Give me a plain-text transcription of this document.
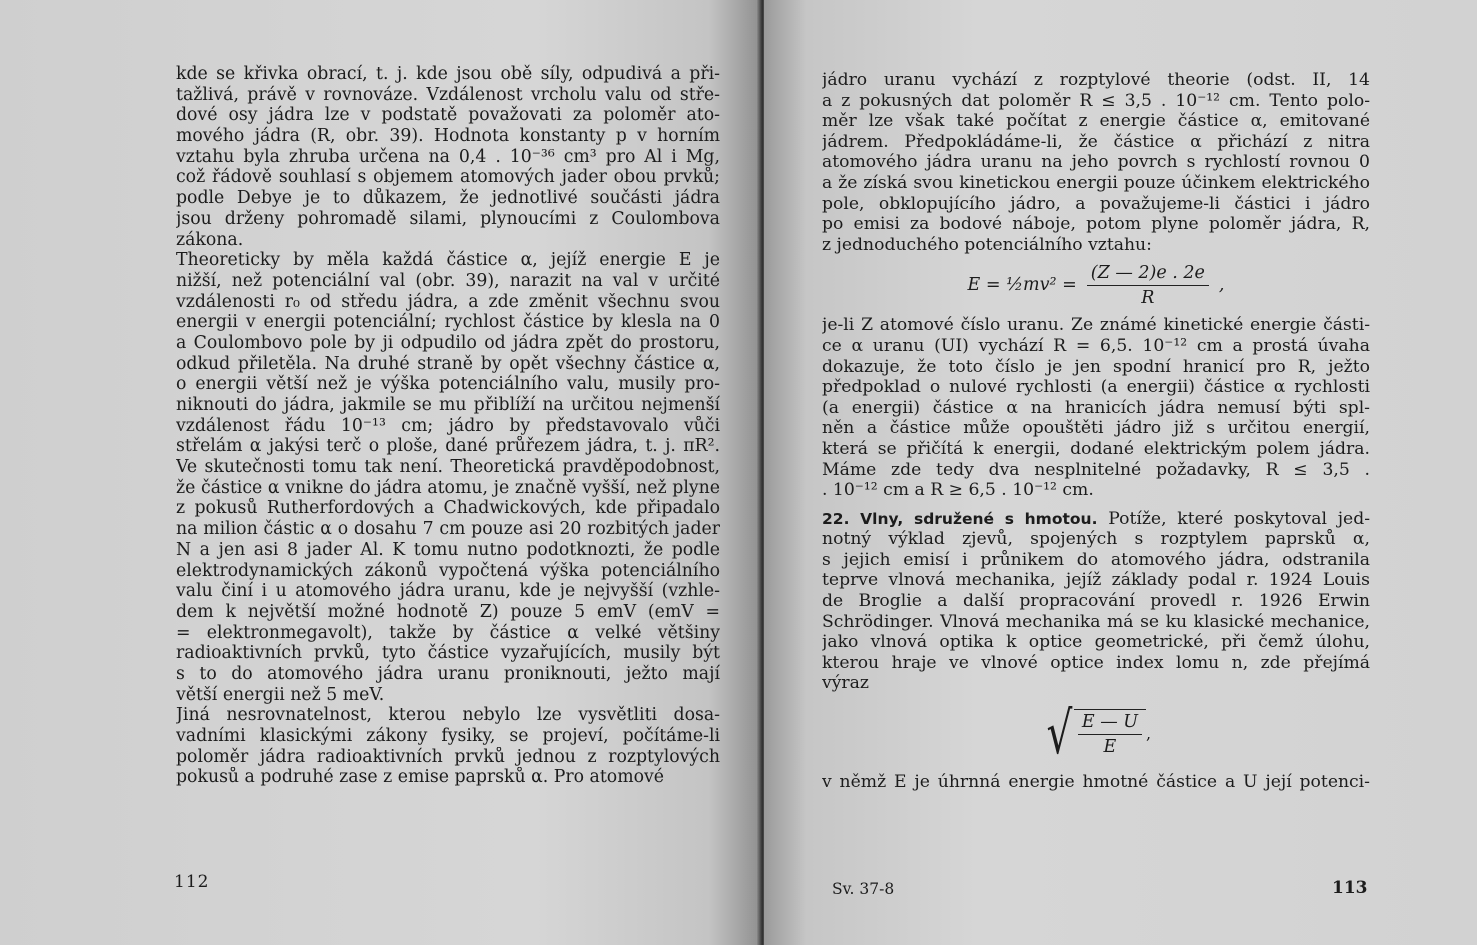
kde se křivka obrací, t. j. kde jsou obě síly, odpudivá a při-
tažlivá, právě v rovnováze. Vzdálenost vrcholu valu od stře-
dové osy jádra lze v podstatě považovati za poloměr ato-
mového jádra (R, obr. 39). Hodnota konstanty p v horním
vztahu byla zhruba určena na 0,4 . 10⁻³⁶ cm³ pro Al i Mg,
což řádově souhlasí s objemem atomových jader obou prvků;
podle Debye je to důkazem, že jednotlivé součásti jádra
jsou drženy pohromadě silami, plynoucími z Coulombova
zákona.
Theoreticky by měla každá částice α, jejíž energie E je
nižší, než potenciální val (obr. 39), narazit na val v určité
vzdálenosti r₀ od středu jádra, a zde změnit všechnu svou
energii v energii potenciální; rychlost částice by klesla na 0
a Coulombovo pole by ji odpudilo od jádra zpět do prostoru,
odkud přiletěla. Na druhé straně by opět všechny částice α,
o energii větší než je výška potenciálního valu, musily pro-
niknouti do jádra, jakmile se mu přiblíží na určitou nejmenší
vzdálenost řádu 10⁻¹³ cm; jádro by představovalo vůči
střelám α jakýsi terč o ploše, dané průřezem jádra, t. j. πR².
Ve skutečnosti tomu tak není. Theoretická pravděpodobnost,
že částice α vnikne do jádra atomu, je značně vyšší, než plyne
z pokusů Rutherfordových a Chadwickových, kde připadalo
na milion částic α o dosahu 7 cm pouze asi 20 rozbitých jader
N a jen asi 8 jader Al. K tomu nutno podotknozti, že podle
elektrodynamických zákonů vypočtená výška potenciálního
valu činí i u atomového jádra uranu, kde je nejvyšší (vzhle-
dem k největší možné hodnotě Z) pouze 5 emV (emV =
= elektronmegavolt), takže by částice α velké většiny
radioaktivních prvků, tyto částice vyzařujících, musily být
s to do atomového jádra uranu proniknouti, ježto mají
větší energii než 5 meV.
Jiná nesrovnatelnost, kterou nebylo lze vysvětliti dosa-
vadními klasickými zákony fysiky, se projeví, počítáme-li
poloměr jádra radioaktivních prvků jednou z rozptylových
pokusů a podruhé zase z emise paprsků α. Pro atomové
112
jádro uranu vychází z rozptylové theorie (odst. II, 14
a z pokusných dat poloměr R ≤ 3,5 . 10⁻¹² cm. Tento polo-
měr lze však také počítat z energie částice α, emitované
jádrem. Předpokládáme-li, že částice α přichází z nitra
atomového jádra uranu na jeho povrch s rychlostí rovnou 0
a že získá svou kinetickou energii pouze účinkem elektrického
pole, obklopujícího jádro, a považujeme-li částici i jádro
po emisi za bodové náboje, potom plyne poloměr jádra, R,
z jednoduchého potenciálního vztahu:
E = ½mv² = $\frac{(Z — 2)e . 2e}{R}$ ,
je-li Z atomové číslo uranu. Ze známé kinetické energie části-
ce α uranu (UI) vychází R = 6,5. 10⁻¹² cm a prostá úvaha
dokazuje, že toto číslo je jen spodní hranicí pro R, ježto
předpoklad o nulové rychlosti (a energii) částice α rychlosti
(a energii) částice α na hranicích jádra nemusí býti spl-
něn a částice může opouštěti jádro již s určitou energií,
která se přičítá k energii, dodané elektrickým polem jádra.
Máme zde tedy dva nesplnitelné požadavky, R ≤ 3,5 .
. 10⁻¹² cm a R ≥ 6,5 . 10⁻¹² cm.
22. Vlny, sdružené s hmotou. Potíže, které poskytoval jed-
notný výklad zjevů, spojených s rozptylem paprsků α,
s jejich emisí i průnikem do atomového jádra, odstranila
teprve vlnová mechanika, jejíž základy podal r. 1924 Louis
de Broglie a další propracování provedl r. 1926 Erwin
Schrödinger. Vlnová mechanika má se ku klasické mechanice,
jako vlnová optika k optice geometrické, při čemž úlohu,
kterou hraje ve vlnové optice index lomu n, zde přejímá
výraz
√ $\frac{E — U}{E}$ ,
v němž E je úhrnná energie hmotné částice a U její potenci-
Sv. 37-8	113
